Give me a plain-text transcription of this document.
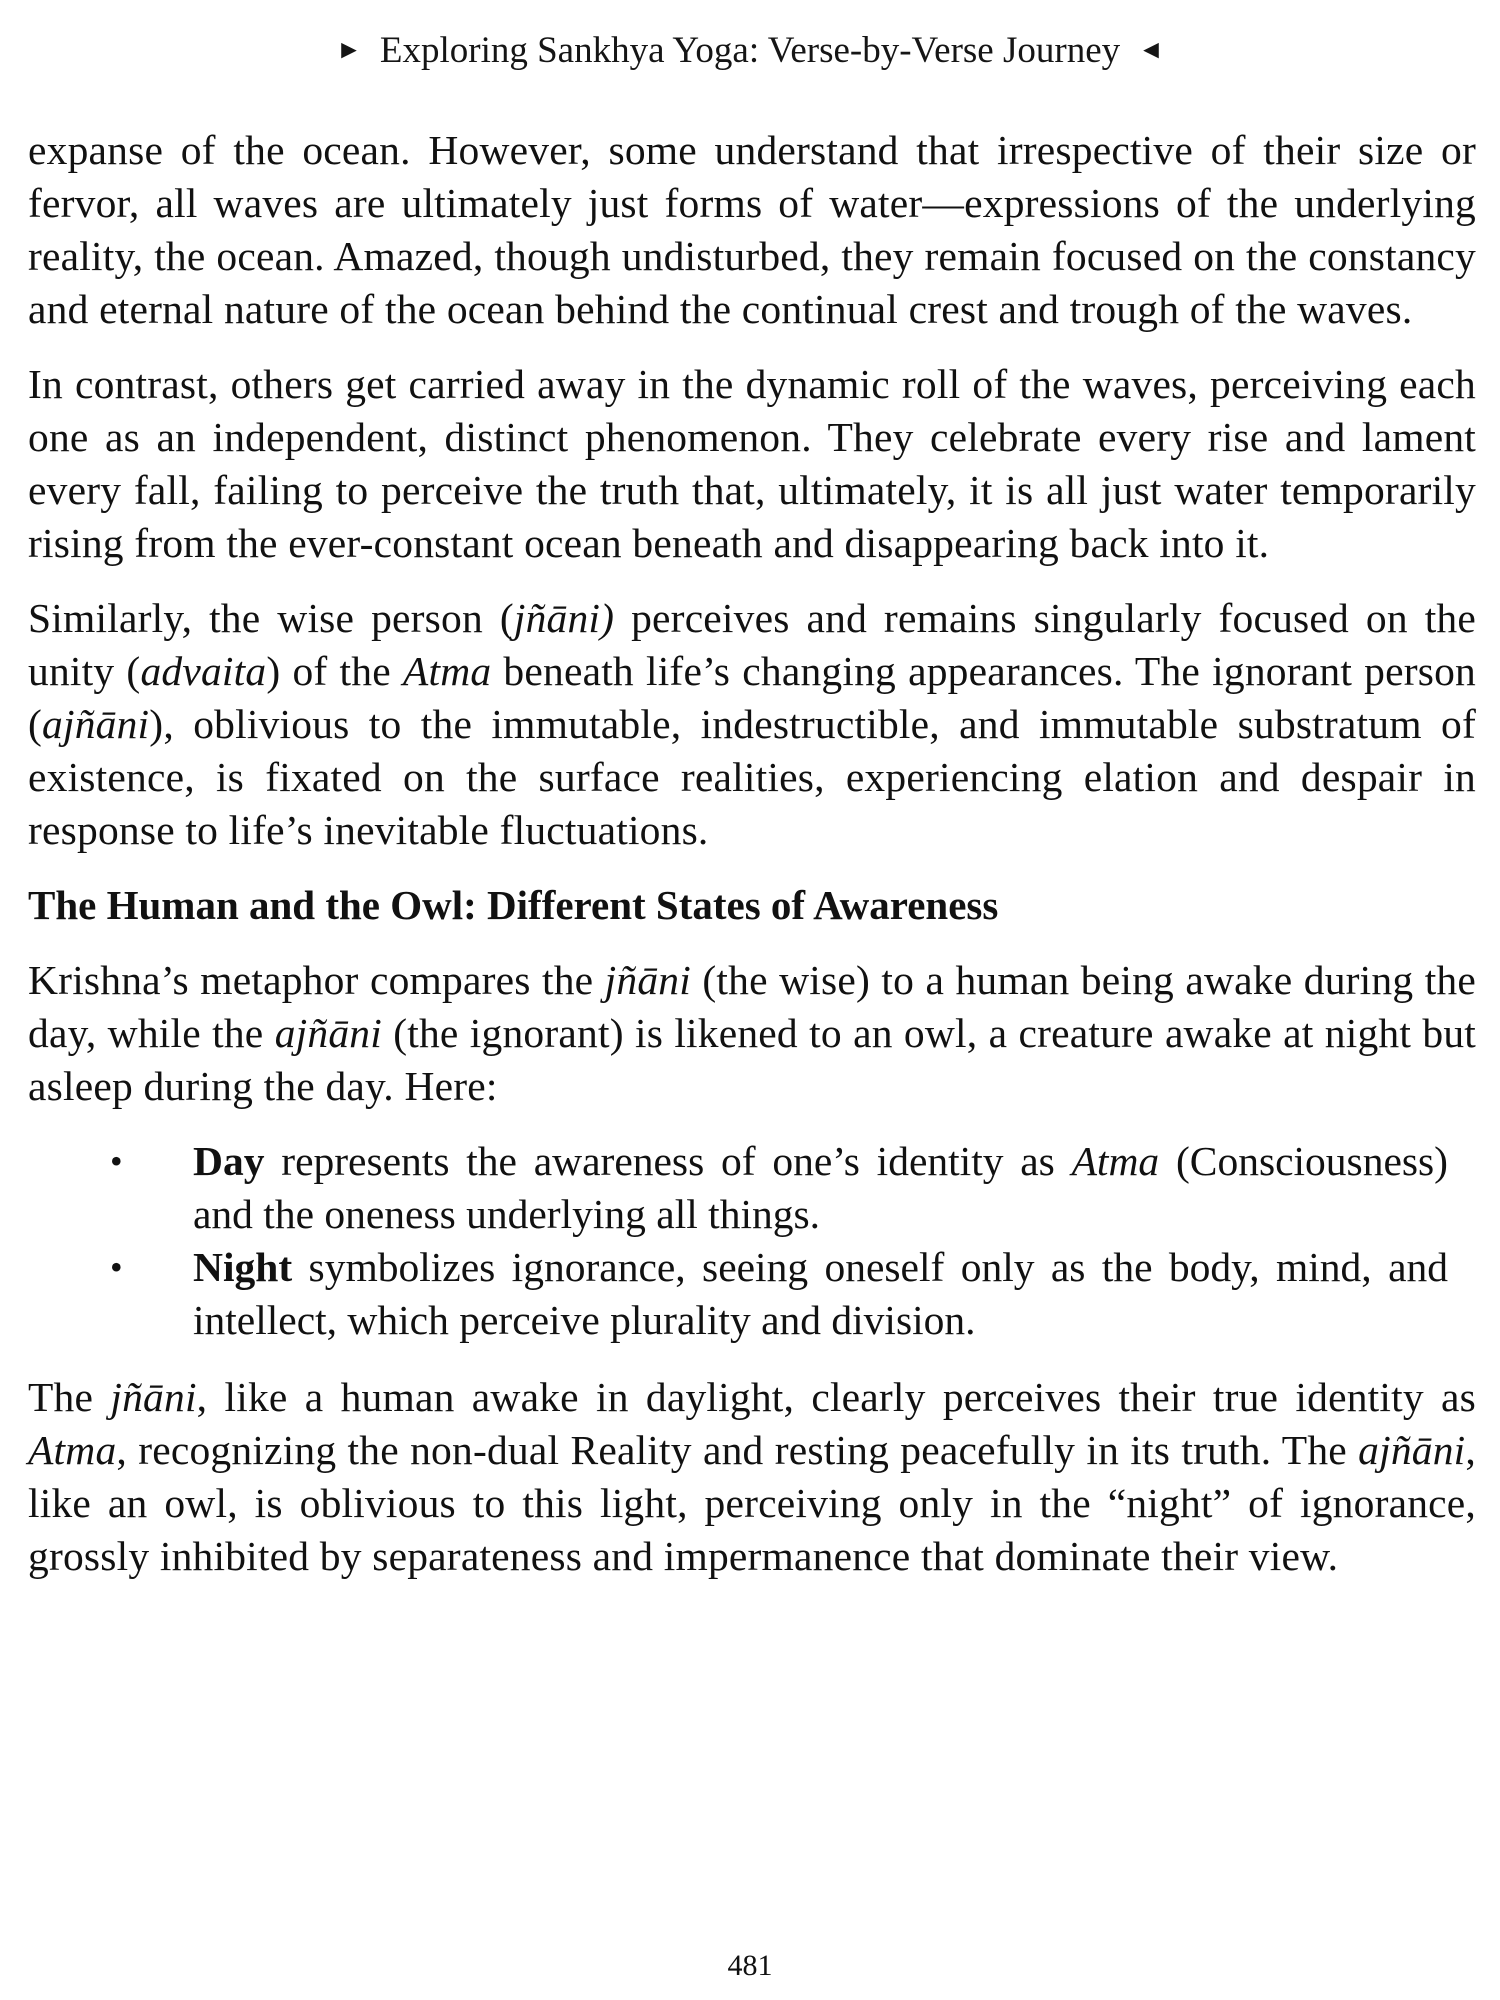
► Exploring Sankhya Yoga: Verse-by-Verse Journey ◄

expanse of the ocean. However, some understand that irrespective of their size or fervor, all waves are ultimately just forms of water—expressions of the underlying reality, the ocean. Amazed, though undisturbed, they remain focused on the constancy and eternal nature of the ocean behind the continual crest and trough of the waves.

In contrast, others get carried away in the dynamic roll of the waves, perceiving each one as an independent, distinct phenomenon. They celebrate every rise and lament every fall, failing to perceive the truth that, ultimately, it is all just water temporarily rising from the ever-constant ocean beneath and disappearing back into it.

Similarly, the wise person (jñāni) perceives and remains singularly focused on the unity (advaita) of the Atma beneath life’s changing appearances. The ignorant person (ajñāni), oblivious to the immutable, indestructible, and immutable substratum of existence, is fixated on the surface realities, experiencing elation and despair in response to life’s inevitable fluctuations.

The Human and the Owl: Different States of Awareness

Krishna’s metaphor compares the jñāni (the wise) to a human being awake during the day, while the ajñāni (the ignorant) is likened to an owl, a creature awake at night but asleep during the day. Here:

• Day represents the awareness of one’s identity as Atma (Consciousness) and the oneness underlying all things.
• Night symbolizes ignorance, seeing oneself only as the body, mind, and intellect, which perceive plurality and division.

The jñāni, like a human awake in daylight, clearly perceives their true identity as Atma, recognizing the non-dual Reality and resting peacefully in its truth. The ajñāni, like an owl, is oblivious to this light, perceiving only in the “night” of ignorance, grossly inhibited by separateness and impermanence that dominate their view.

481
